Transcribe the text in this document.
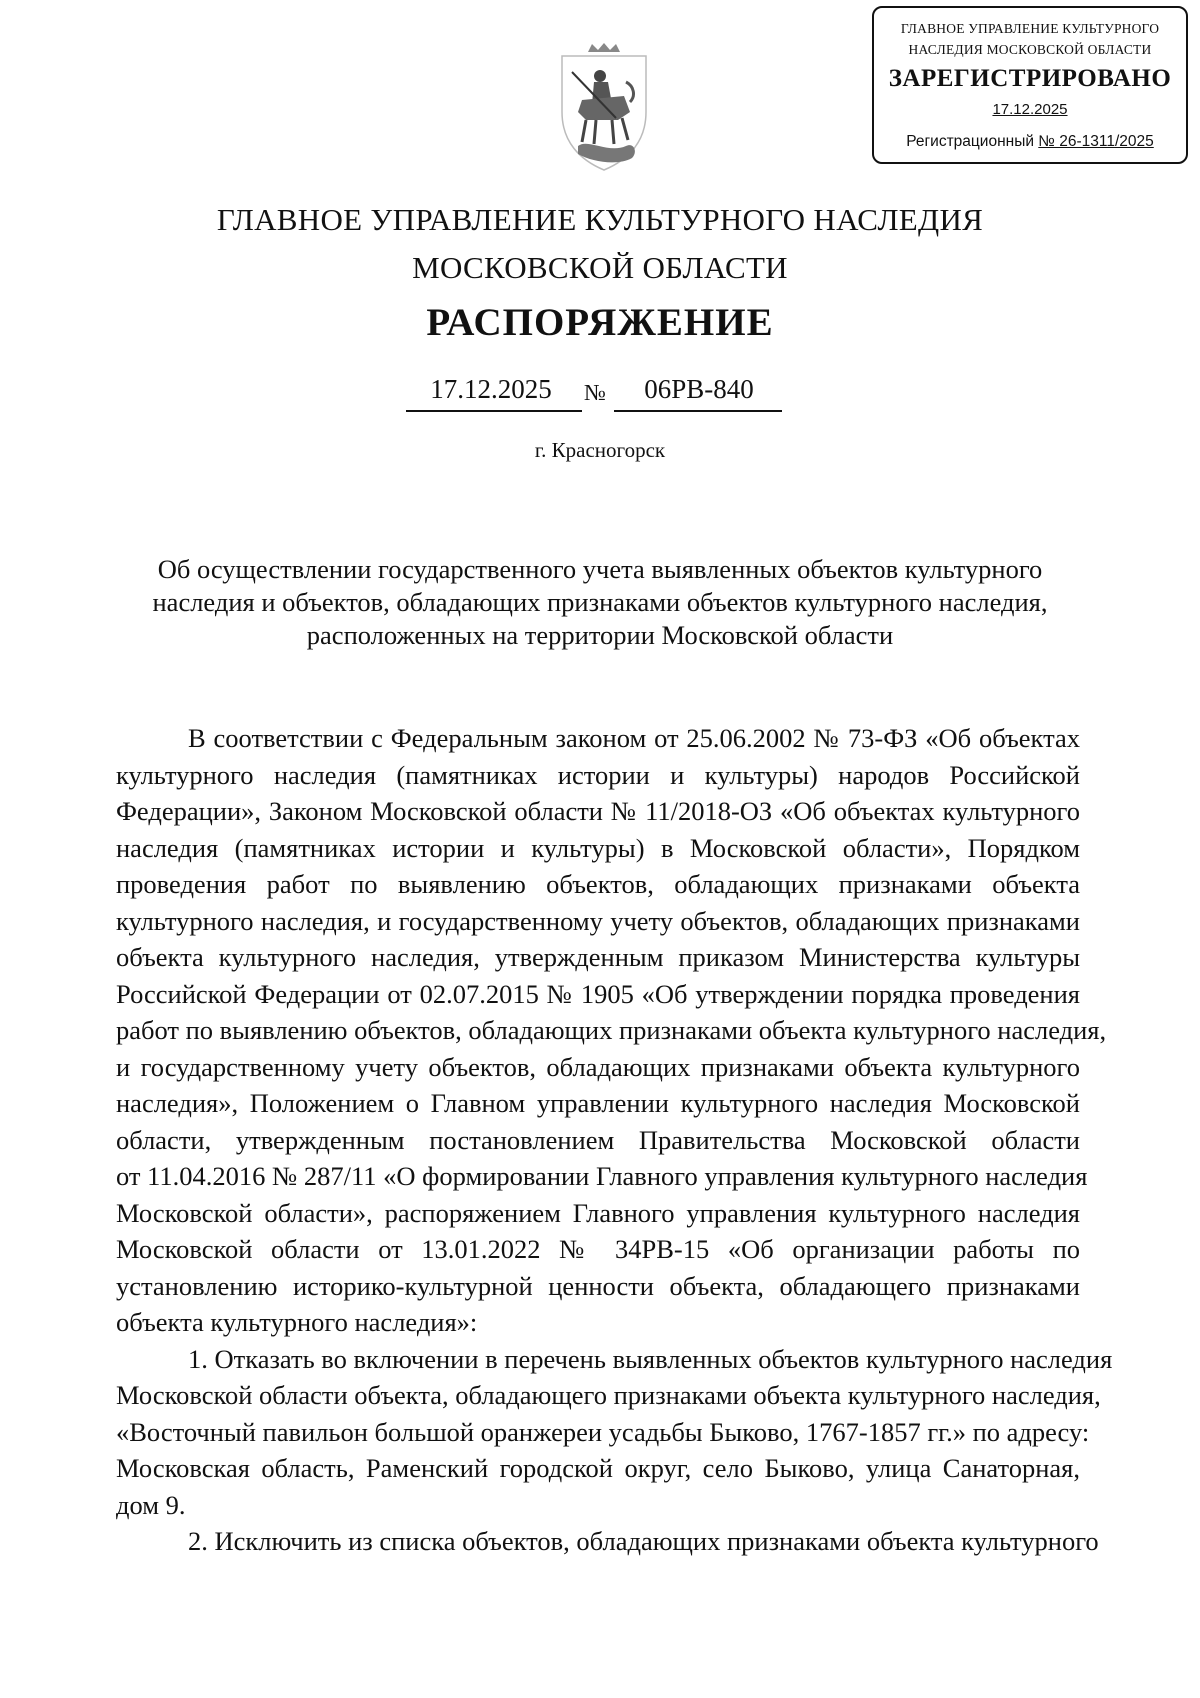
ГЛАВНОЕ УПРАВЛЕНИЕ КУЛЬТУРНОГО
НАСЛЕДИЯ МОСКОВСКОЙ ОБЛАСТИ
ЗАРЕГИСТРИРОВАНО
17.12.2025
Регистрационный № 26-1311/2025
ГЛАВНОЕ УПРАВЛЕНИЕ КУЛЬТУРНОГО НАСЛЕДИЯ
МОСКОВСКОЙ ОБЛАСТИ
РАСПОРЯЖЕНИЕ
17.12.2025	№	06РВ-840
г. Красногорск
Об осуществлении государственного учета выявленных объектов культурного
наследия и объектов, обладающих признаками объектов культурного наследия,
расположенных на территории Московской области
В соответствии с Федеральным законом от 25.06.2002 № 73-ФЗ «Об объектах
культурного наследия (памятниках истории и культуры) народов Российской
Федерации», Законом Московской области № 11/2018-ОЗ «Об объектах культурного
наследия (памятниках истории и культуры) в Московской области», Порядком
проведения работ по выявлению объектов, обладающих признаками объекта
культурного наследия, и государственному учету объектов, обладающих признаками
объекта культурного наследия, утвержденным приказом Министерства культуры
Российской Федерации от 02.07.2015 № 1905 «Об утверждении порядка проведения
работ по выявлению объектов, обладающих признаками объекта культурного наследия,
и государственному учету объектов, обладающих признаками объекта культурного
наследия», Положением о Главном управлении культурного наследия Московской
области, утвержденным постановлением Правительства Московской области
от 11.04.2016 № 287/11 «О формировании Главного управления культурного наследия
Московской области», распоряжением Главного управления культурного наследия
Московской области от 13.01.2022 № 34РВ-15 «Об организации работы по
установлению историко-культурной ценности объекта, обладающего признаками
объекта культурного наследия»:
1. Отказать во включении в перечень выявленных объектов культурного наследия
Московской области объекта, обладающего признаками объекта культурного наследия,
«Восточный павильон большой оранжереи усадьбы Быково, 1767-1857 гг.» по адресу:
Московская область, Раменский городской округ, село Быково, улица Санаторная,
дом 9.
2. Исключить из списка объектов, обладающих признаками объекта культурного
